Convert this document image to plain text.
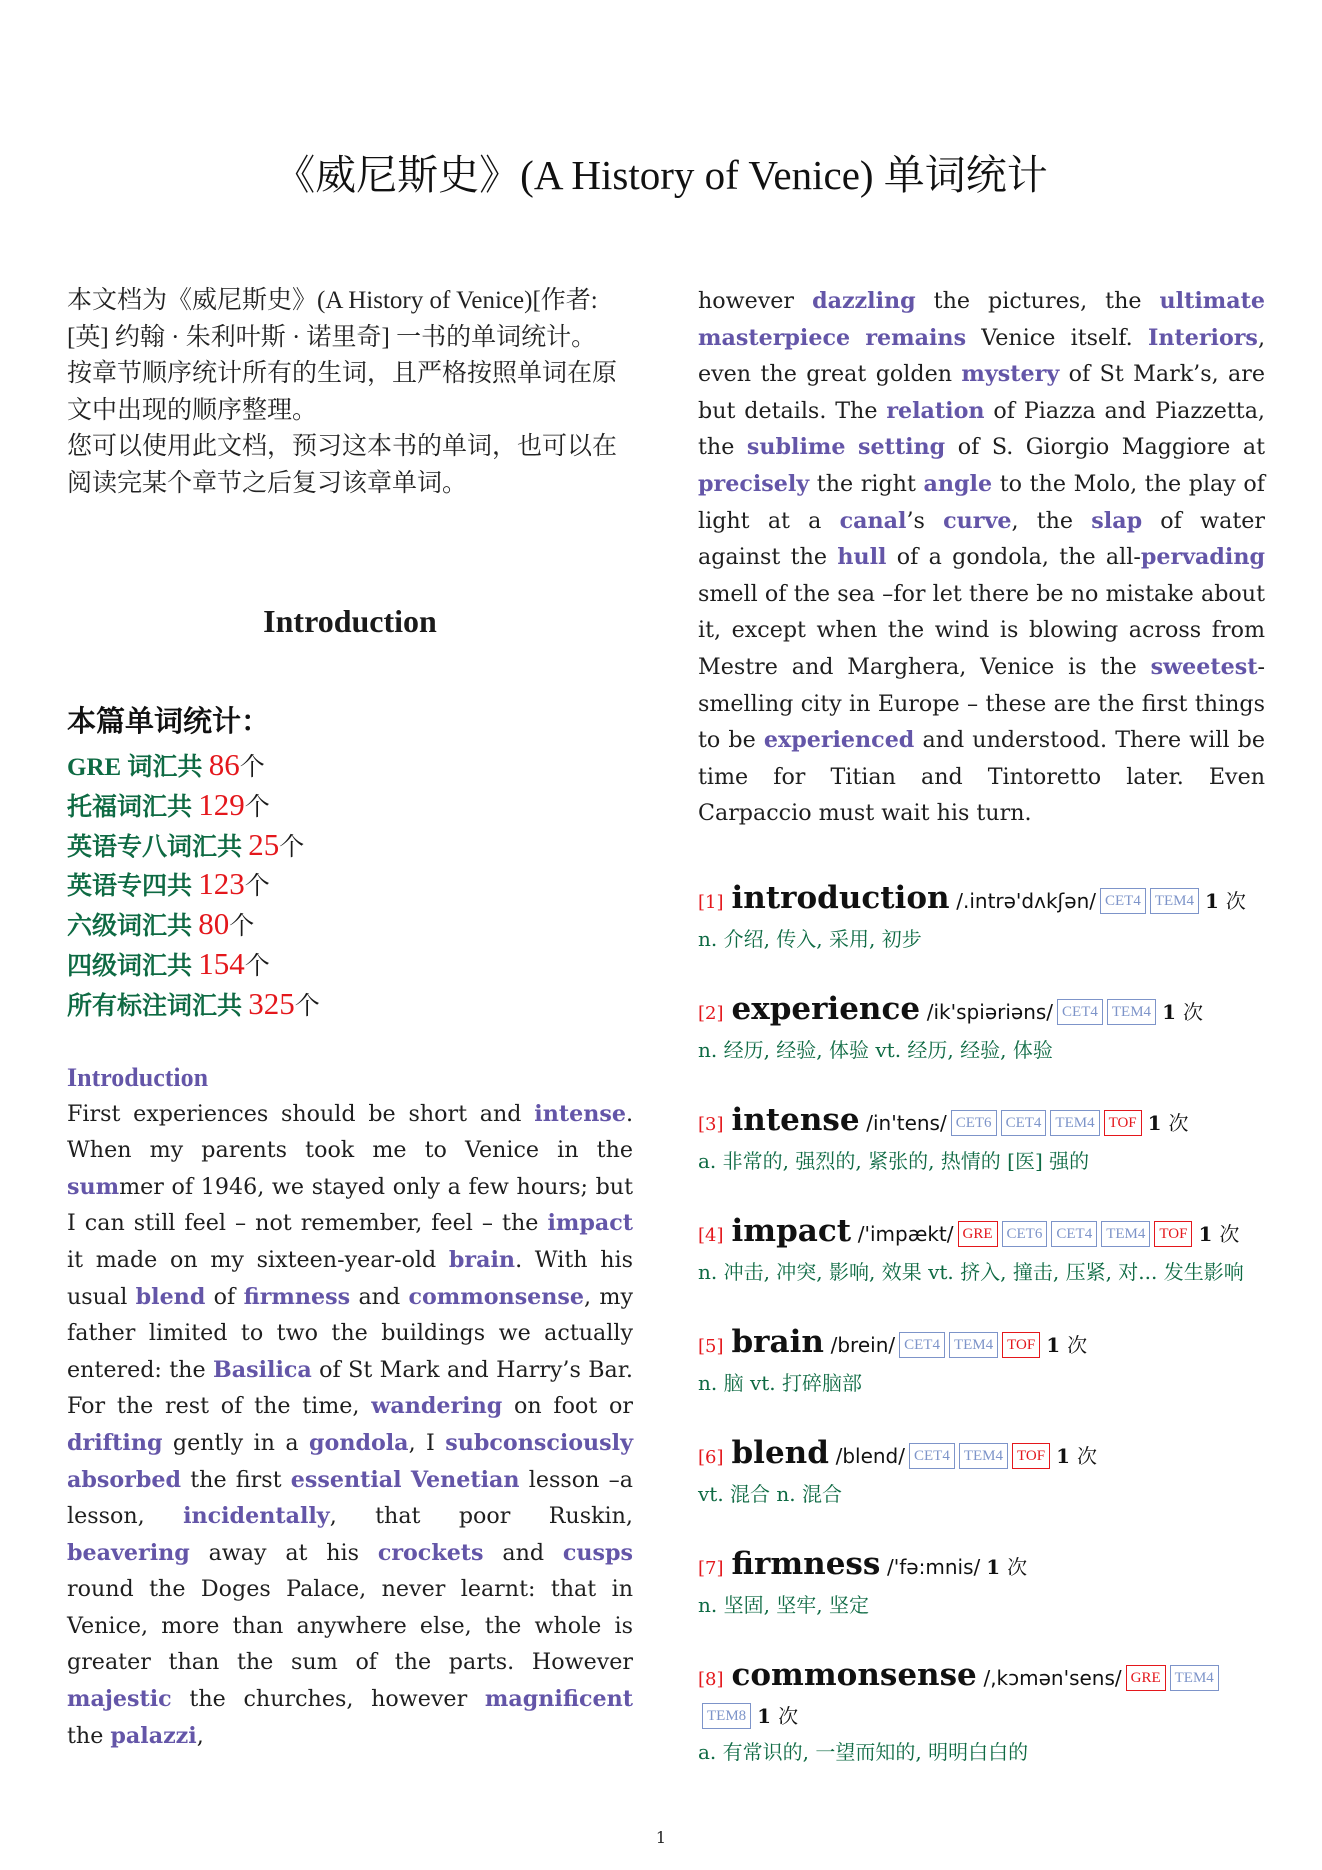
《威尼斯史》(A History of Venice) 单词统计

本文档为《威尼斯史》(A History of Venice)[作者: [英] 约翰 · 朱利叶斯 · 诺里奇] 一书的单词统计。

按章节顺序统计所有的生词，且严格按照单词在原文中出现的顺序整理。

您可以使用此文档，预习这本书的单词，也可以在阅读完某个章节之后复习该章单词。

Introduction
本篇单词统计：
GRE 词汇共 86个
托福词汇共 129个
英语专八词汇共 25个
英语专四共 123个
六级词汇共 80个
四级词汇共 154个
所有标注词汇共 325个
Introduction

First experiences should be short and intense. When my parents took me to Venice in the summer of 1946, we stayed only a few hours; but I can still feel – not remember, feel – the impact it made on my sixteen-year-old brain. With his usual blend of firmness and commonsense, my father limited to two the buildings we actually entered: the Basilica of St Mark and Harry’s Bar. For the rest of the time, wandering on foot or drifting gently in a gondola, I subconsciously absorbed the first essential Venetian lesson –a lesson, incidentally, that poor Ruskin, beavering away at his crockets and cusps round the Doges Palace, never learnt: that in Venice, more than anywhere else, the whole is greater than the sum of the parts. However majestic the churches, however magnificent the palazzi,

however dazzling the pictures, the ultimate masterpiece remains Venice itself. Interiors, even the great golden mystery of St Mark’s, are but details. The relation of Piazza and Piazzetta, the sublime setting of S. Giorgio Maggiore at precisely the right angle to the Molo, the play of light at a canal’s curve, the slap of water against the hull of a gondola, the all-pervading smell of the sea –for let there be no mistake about it, except when the wind is blowing across from Mestre and Marghera, Venice is the sweetest-smelling city in Europe – these are the first things to be experienced and understood. There will be time for Titian and Tintoretto later. Even Carpaccio must wait his turn.

[1] introduction /.intrə'dʌkʃən/ CET4 TEM4 1 次
n. 介绍, 传入, 采用, 初步
[2] experience /ik'spiəriəns/ CET4 TEM4 1 次
n. 经历, 经验, 体验 vt. 经历, 经验, 体验
[3] intense /in'tens/ CET6 CET4 TEM4 TOF 1 次
a. 非常的, 强烈的, 紧张的, 热情的 [医] 强的
[4] impact /'impækt/ GRE CET6 CET4 TEM4 TOF 1 次
n. 冲击, 冲突, 影响, 效果 vt. 挤入, 撞击, 压紧, 对... 发生影响
[5] brain /brein/ CET4 TEM4 TOF 1 次
n. 脑 vt. 打碎脑部
[6] blend /blend/ CET4 TEM4 TOF 1 次
vt. 混合 n. 混合
[7] firmness /'fə:mnis/ 1 次
n. 坚固, 坚牢, 坚定
[8] commonsense /,kɔmən'sens/ GRE TEM4TEM8 1 次
a. 有常识的, 一望而知的, 明明白白的
1
